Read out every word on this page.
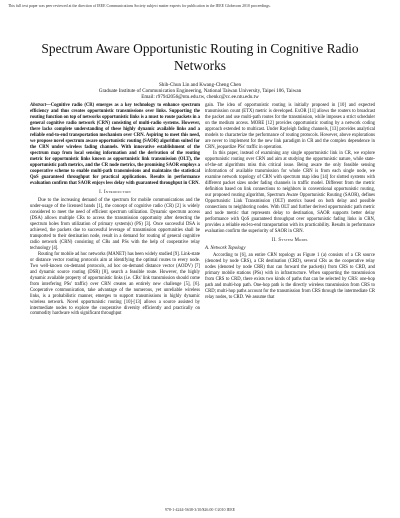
This full text paper was peer reviewed at the direction of IEEE Communications Society subject matter experts for publication in the IEEE Globecom 2010 proceedings.
Spectrum Aware Opportunistic Routing in Cognitive Radio Networks
Shih-Chun Lin and Kwang-Cheng Chen
Graduate Institute of Communication Engineering, National Taiwan University, Taipei 106, Taiwan
Email: r97942056@ntu.edu.tw, chenkc@cc.ee.ntu.edu.tw

Abstract—Cognitive radio (CR) emerges as a key technology to enhance spectrum efficiency and thus creates opportunistic transmissions over links. Supporting the routing function on top of networks opportunistic links is a must to route packets in a general cognitive radio network (CRN) consisting of multi-radio systems. However, there lacks complete understanding of these highly dynamic available links and a reliable end-to-end transportation mechanism over CRN. Aspiring to meet this need, we propose novel spectrum aware opportunistic routing (SAOR) algorithm suited for the CRN under wireless fading channels. With innovative establishment of the spectrum map from local sensing information and the derivation of the routing metric for opportunistic links known as opportunistic link transmission (OLT), the opportunistic path metrics, and the CR node metrics, the promising SAOR employs a cooperative scheme to enable multi-path transmissions and maintains the statistical QoS guaranteed throughput for practical applications. Results in performance evaluation confirm that SAOR enjoys less delay with guaranteed throughput in CRN.

I. Introduction

Due to the increasing demand of the spectrum for mobile communications and the under-usage of the licensed bands [1], the concept of cognitive radio (CR) [2] is widely considered to meet the need of efficient spectrum utilization. Dynamic spectrum access (DSA) allows multiple CRs to access the transmission opportunity after detecting the spectrum holes from utilization of primary system(s) (PS) [3]. Once successful DSA is achieved, the packets due to successful leverage of transmission opportunities shall be transported to their destination node, result in a demand for routing of general cognitive radio network (CRN) consisting of CRs and PSs with the help of cooperative relay technology [4].

Routing for mobile ad hoc networks (MANET) has been widely studied [9]. Link-state or distance vector routing protocols aim at identifying the optimal routes to every node. Two well-known on-demand protocols, ad hoc on-demand distance vector (AODV) [7] and dynamic source routing (DSR) [8], search a feasible route. However, the highly dynamic available property of opportunistic links (i.e. CRs' link transmission should come from interfering PSs' traffic) over CRN creates an entirely new challenge [5], [6]. Cooperative communication, take advantage of the numerous, yet unreliable wireless links, is a probabilistic manner, emerges to support transmissions in highly dynamic wireless network. Novel opportunistic routing [10]-[13] allows a source assisted by intermediate nodes to explore the cooperative diversity efficiently and practically on commodity hardware with significant throughput

gain. The idea of opportunistic routing is initially proposed in [10] and expected transmission count (ETX) metric is developed. ExOR [11] allows the routers to broadcast the packet and use multi-path routes for the transmission, while imposes a strict scheduler on the medium access. MORE [12] provides opportunistic routing by a network coding approach extended to multicast. Under Rayleigh fading channels, [13] provides analytical models to characterize the performance of routing protocols. However, above explorations are never to implement for the new link paradigm in CR and the complex dependence in CRN, jeopardize PSs' traffic in operation.

In this paper, instead of examining any single opportunistic link in CR, we explore opportunistic routing over CRN and aim at studying the opportunistic nature, while state-of-the-art algorithms miss this critical issue. Being aware the only feasible sensing information of available transmission for whole CRN is from each single node, we examine network topology of CRN with spectrum map idea [14] for slotted systems with different packet sizes under fading channels in traffic model. Different from the metric definition based on link connections to neighbors in conventional opportunistic routing, our proposed routing algorithm, Spectrum Aware Opportunistic Routing (SAOR), defines Opportunistic Link Transmission (OLT) metrics based on both delay and possible connections to neighboring nodes. With OLT and further derived opportunistic path metric and node metric that represents delay to destination, SAOR supports better delay performance with QoS guaranteed throughput over opportunistic fading links in CRN, provides a reliable end-to-end transportation with its practicability. Results in performance evaluation confirm the superiority of SAOR in CRN.

II. System Model
A. Network Topology

According to [6], an entire CRN topology as Figure 1 (a) consists of a CR source (denoted by node CRS), a CR destination (CRD), several CRs as the cooperative relay nodes (denoted by node CRR) that can forward the packet(s) from CRS to CRD, and primary mobile stations (PSs) with in infrastructure. When supporting the transmission from CRS to CRD, there exists two kinds of paths that can be selected by CRS: one-hop path and multi-hop path. One-hop path is the directly wireless transmission from CRS to CRD; multi-hop paths account for the transmission from CRS through the intermediate CR relay nodes, to CRD. We assume that

978-1-4244-5638-3/10/$26.00 ©2010 IEEE
